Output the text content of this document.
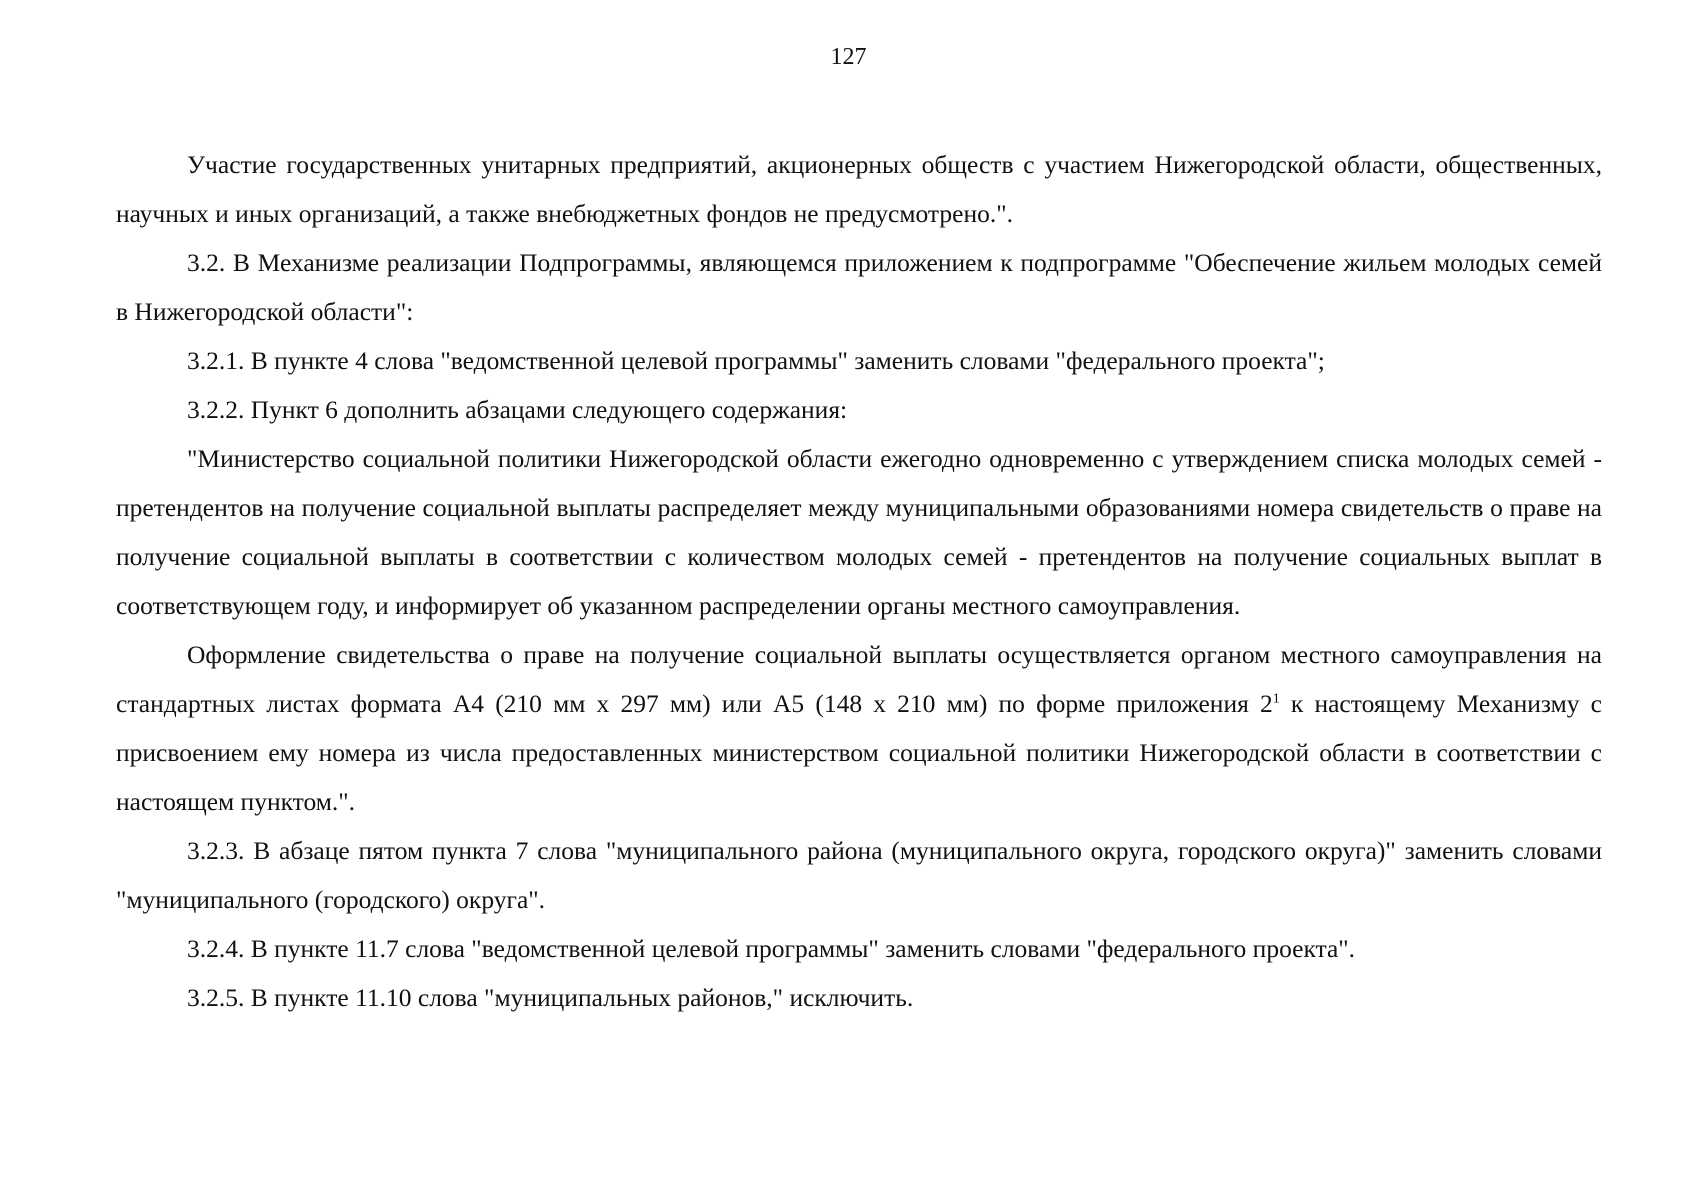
127

Участие государственных унитарных предприятий, акционерных обществ с участием Нижегородской области, общественных, научных и иных организаций, а также внебюджетных фондов не предусмотрено.".

3.2. В Механизме реализации Подпрограммы, являющемся приложением к подпрограмме "Обеспечение жильем молодых семей в Нижегородской области":

3.2.1. В пункте 4 слова "ведомственной целевой программы" заменить словами "федерального проекта";

3.2.2. Пункт 6 дополнить абзацами следующего содержания:

"Министерство социальной политики Нижегородской области ежегодно одновременно с утверждением списка молодых семей - претендентов на получение социальной выплаты распределяет между муниципальными образованиями номера свидетельств о праве на получение социальной выплаты в соответствии с количеством молодых семей - претендентов на получение социальных выплат в соответствующем году, и информирует об указанном распределении органы местного самоуправления.

Оформление свидетельства о праве на получение социальной выплаты осуществляется органом местного самоуправления на стандартных листах формата А4 (210 мм x 297 мм) или А5 (148 x 210 мм) по форме приложения $2^1$ к настоящему Механизму с присвоением ему номера из числа предоставленных министерством социальной политики Нижегородской области в соответствии с настоящем пунктом.".

3.2.3. В абзаце пятом пункта 7 слова "муниципального района (муниципального округа, городского округа)" заменить словами "муниципального (городского) округа".

3.2.4. В пункте 11.7 слова "ведомственной целевой программы" заменить словами "федерального проекта".

3.2.5. В пункте 11.10 слова "муниципальных районов," исключить.
